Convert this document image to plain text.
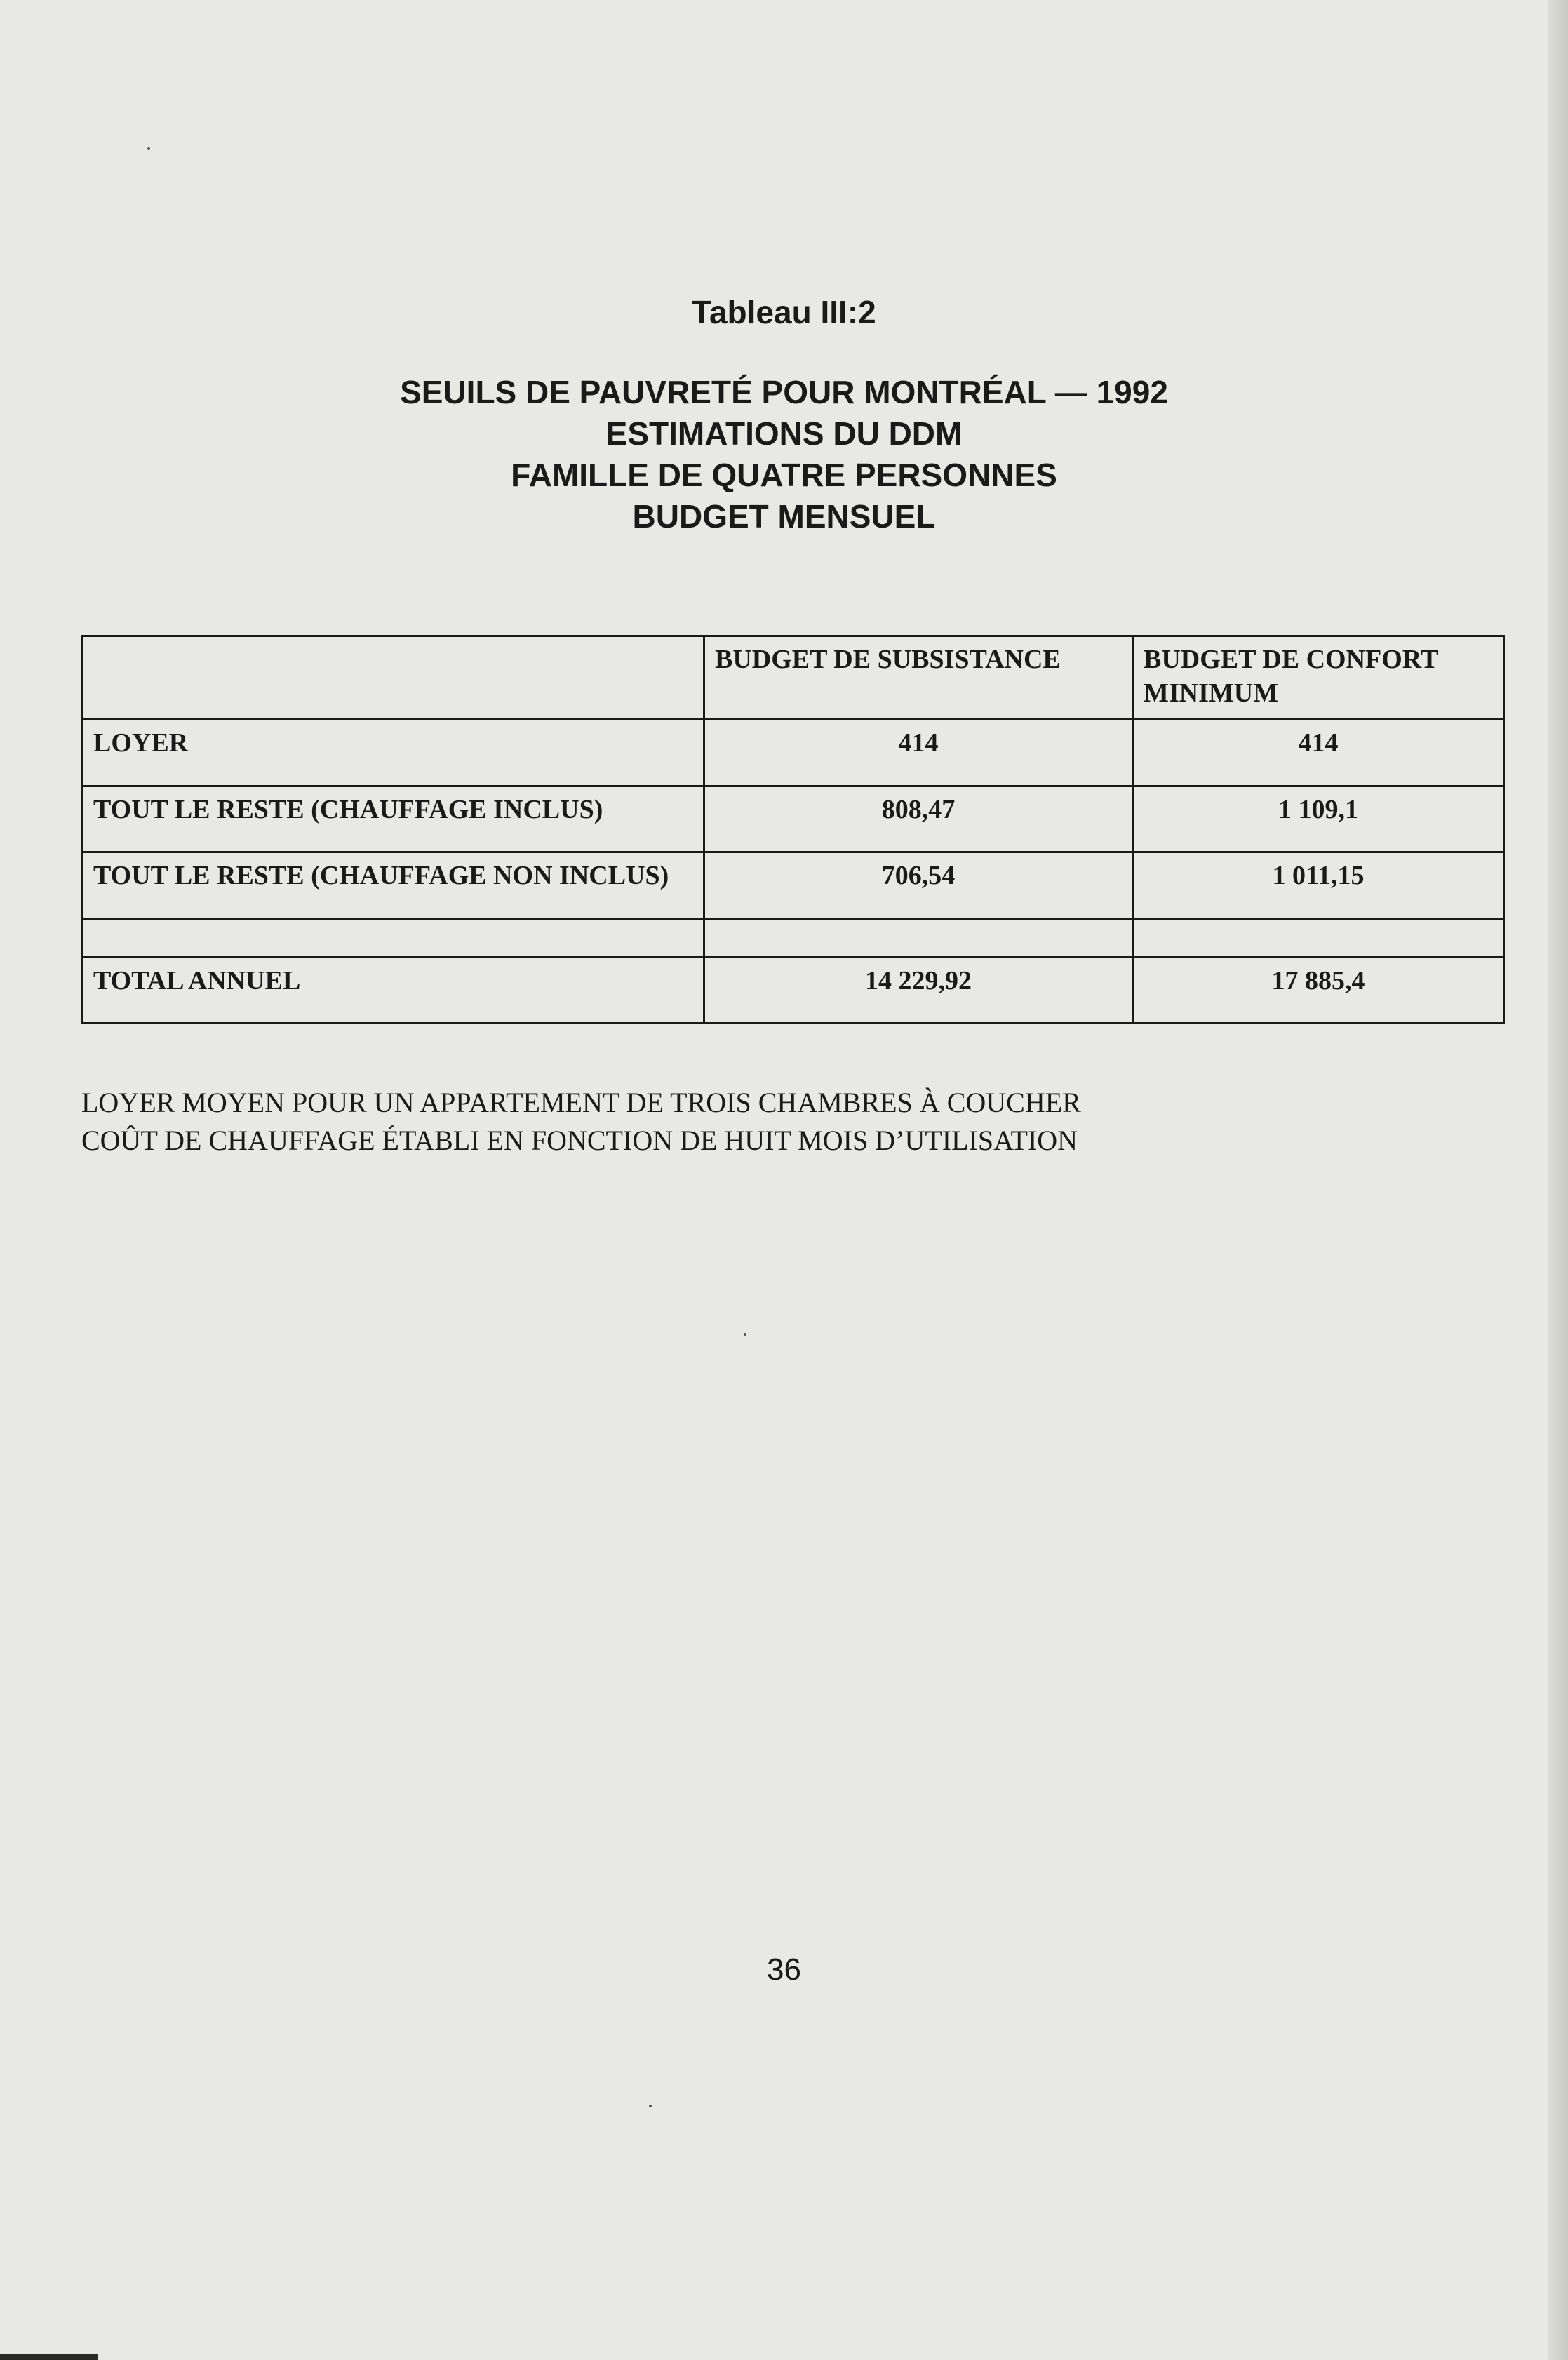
Tableau III:2
SEUILS DE PAUVRETÉ POUR MONTRÉAL — 1992
ESTIMATIONS DU DDM
FAMILLE DE QUATRE PERSONNES
BUDGET MENSUEL
	BUDGET DE SUBSISTANCE	BUDGET DE CONFORT MINIMUM
LOYER	414	414
TOUT LE RESTE (CHAUFFAGE INCLUS)	808,47	1 109,1
TOUT LE RESTE (CHAUFFAGE NON INCLUS)	706,54	1 011,15

TOTAL ANNUEL	14 229,92	17 885,4
LOYER MOYEN POUR UN APPARTEMENT DE TROIS CHAMBRES À COUCHER
COÛT DE CHAUFFAGE ÉTABLI EN FONCTION DE HUIT MOIS D’UTILISATION
36
